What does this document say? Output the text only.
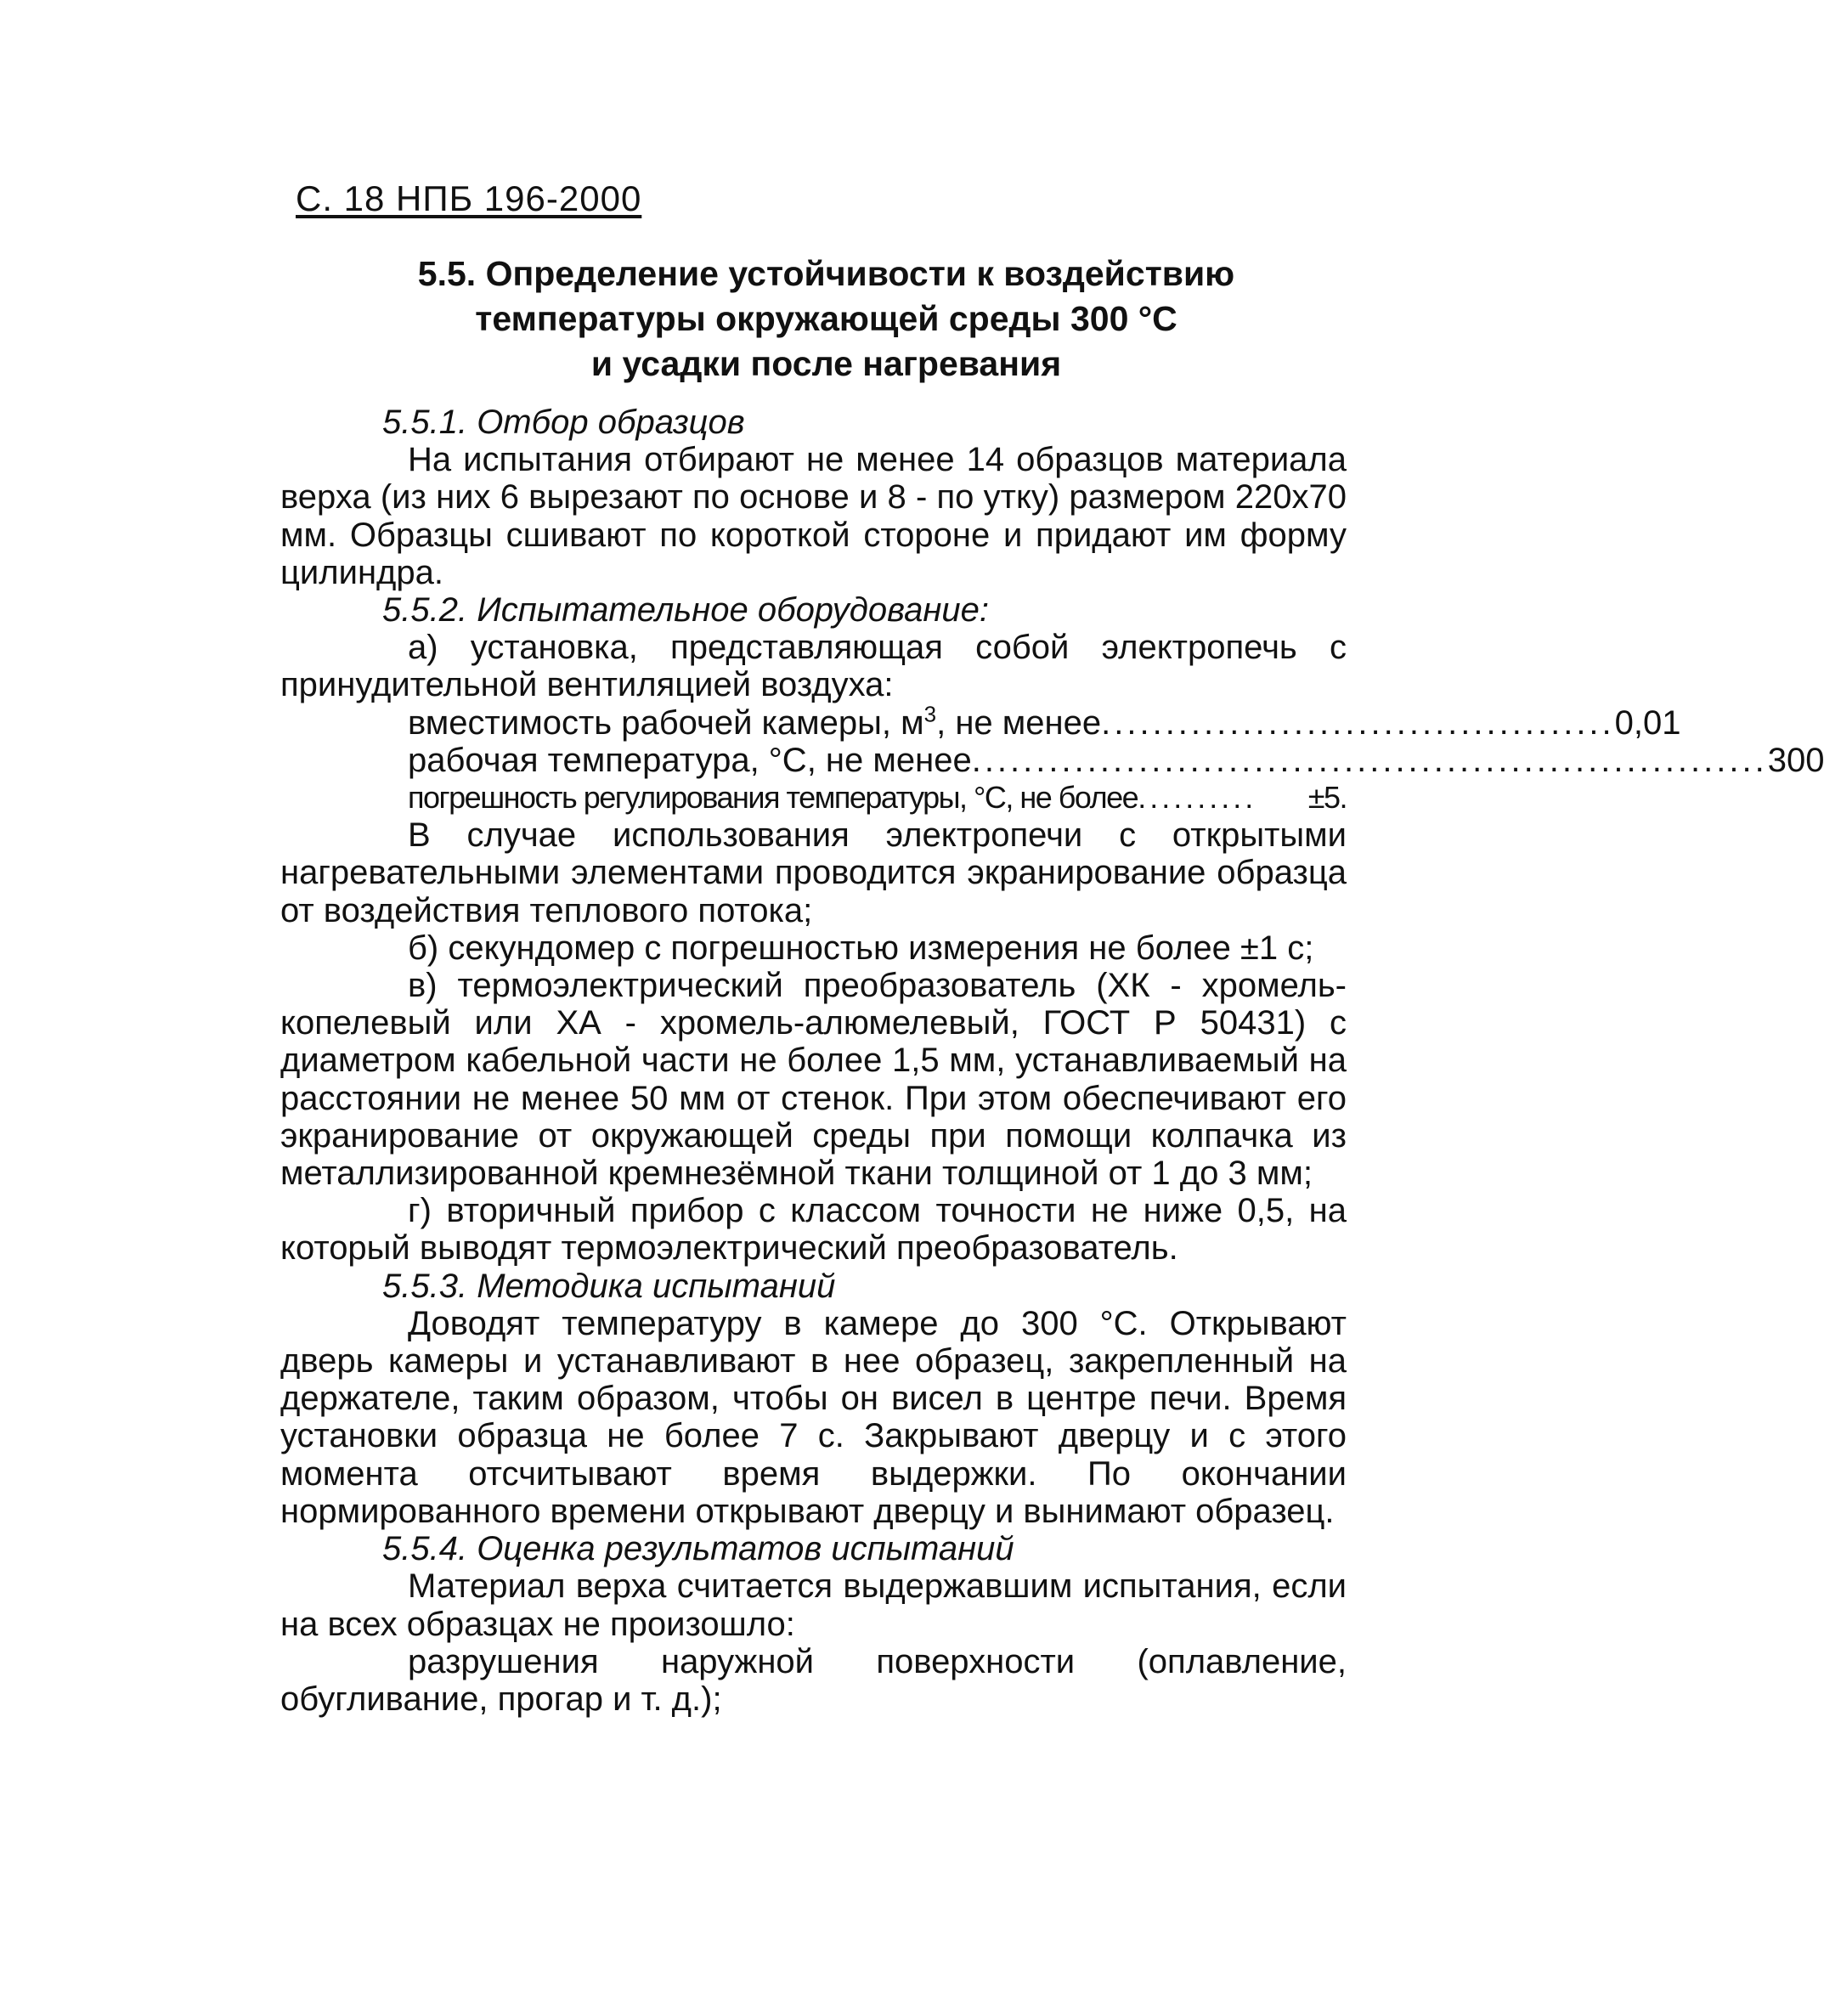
С. 18 НПБ 196-2000
5.5. Определение устойчивости к воздействию
температуры окружающей среды 300 °С
и усадки после нагревания

5.5.1. Отбор образцов

На испытания отбирают не менее 14 образцов материала верха (из них 6 вырезают по основе и 8 - по утку) размером 220х70 мм. Образцы сшивают по короткой стороне и придают им форму цилиндра.

5.5.2. Испытательное оборудование:

а) установка, представляющая собой электропечь с принудительной вентиляцией воздуха:

вместимость рабочей камеры, $м^3$, не менее ........................................ 0,01
рабочая температура, °С, не менее .............................................................. 300
погрешность регулирования температуры, °С, не более ..........	±5.

В случае использования электропечи с открытыми нагревательными элементами проводится экранирование образца от воздействия теплового потока;

б) секундомер с погрешностью измерения не более ±1 с;

в) термоэлектрический преобразователь (ХК - хромель-копелевый или ХА - хромель-алюмелевый, ГОСТ Р 50431) с диаметром кабельной части не более 1,5 мм, устанавливаемый на расстоянии не менее 50 мм от стенок. При этом обеспечивают его экранирование от окружающей среды при помощи колпачка из металлизированной кремнезёмной ткани толщиной от 1 до 3 мм;

г) вторичный прибор с классом точности не ниже 0,5, на который выводят термоэлектрический преобразователь.

5.5.3. Методика испытаний

Доводят температуру в камере до 300 °С. Открывают дверь камеры и устанавливают в нее образец, закрепленный на держателе, таким образом, чтобы он висел в центре печи. Время установки образца не более 7 с. Закрывают дверцу и с этого момента отсчитывают время выдержки. По окончании нормированного времени открывают дверцу и вынимают образец.

5.5.4. Оценка результатов испытаний

Материал верха считается выдержавшим испытания, если на всех образцах не произошло:

разрушения наружной поверхности (оплавление, обугливание, прогар и т. д.);
